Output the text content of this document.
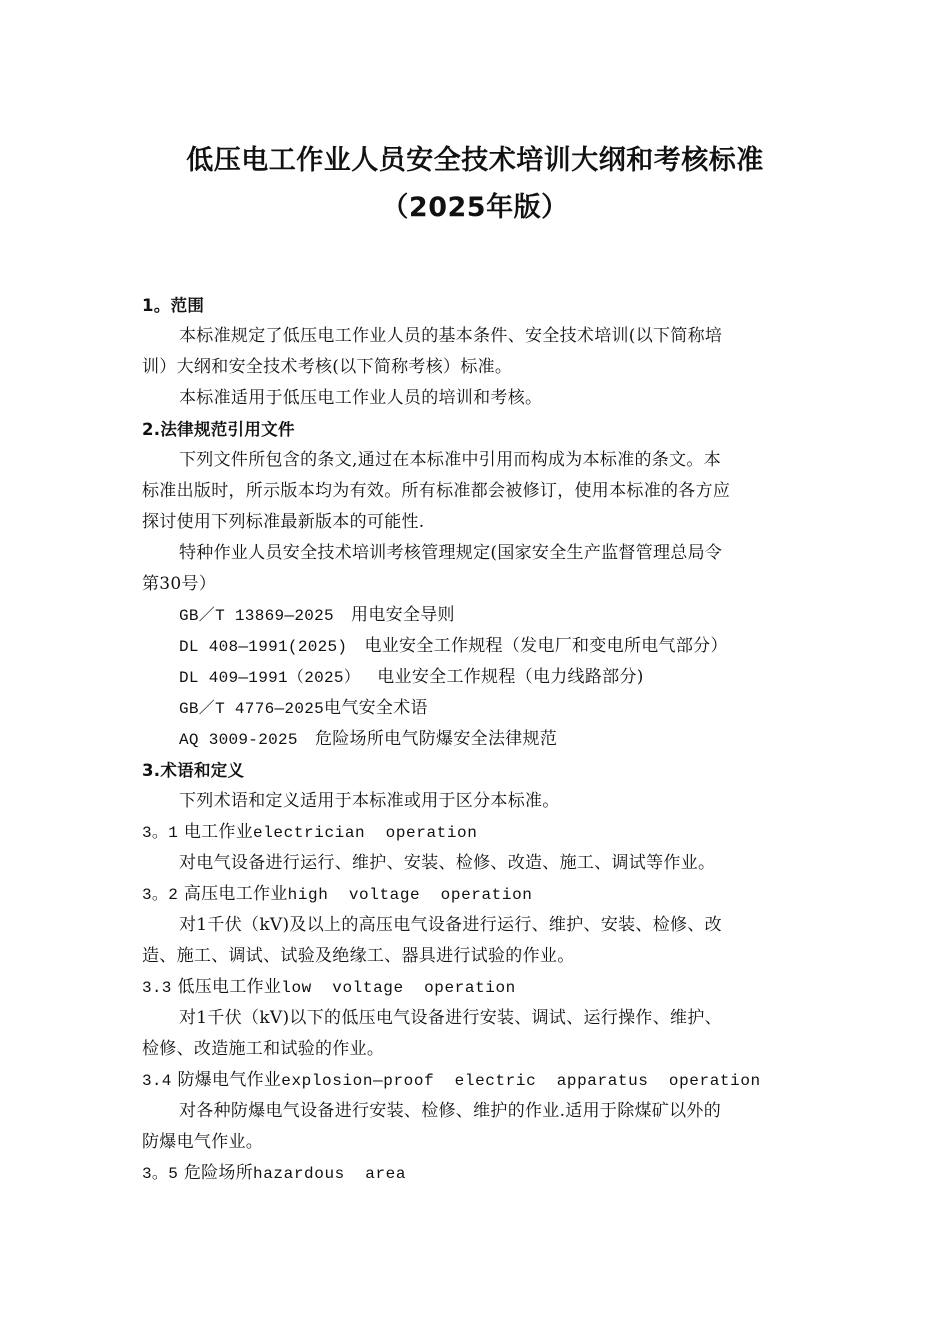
低压电工作业人员安全技术培训大纲和考核标准
（2025年版）
1。范围
本标准规定了低压电工作业人员的基本条件、安全技术培训(以下简称培
训）大纲和安全技术考核(以下简称考核）标准。
本标准适用于低压电工作业人员的培训和考核。
2.法律规范引用文件
下列文件所包含的条文,通过在本标准中引用而构成为本标准的条文。本
标准出版时，所示版本均为有效。所有标准都会被修订，使用本标准的各方应
探讨使用下列标准最新版本的可能性.
特种作业人员安全技术培训考核管理规定(国家安全生产监督管理总局令
第30号）
GB／T 13869—2025 用电安全导则
DL 408—1991(2025) 电业安全工作规程（发电厂和变电所电气部分）
DL 409—1991（2025） 电业安全工作规程（电力线路部分)
GB／T 4776—2025电气安全术语
AQ 3009-2025 危险场所电气防爆安全法律规范
3.术语和定义
下列术语和定义适用于本标准或用于区分本标准。
3。1 电工作业electrician  operation
对电气设备进行运行、维护、安装、检修、改造、施工、调试等作业。
3。2 高压电工作业high  voltage  operation
对1千伏（kV)及以上的高压电气设备进行运行、维护、安装、检修、改
造、施工、调试、试验及绝缘工、器具进行试验的作业。
3.3 低压电工作业low  voltage  operation
对1千伏（kV)以下的低压电气设备进行安装、调试、运行操作、维护、
检修、改造施工和试验的作业。
3.4 防爆电气作业explosion—proof  electric  apparatus  operation
对各种防爆电气设备进行安装、检修、维护的作业.适用于除煤矿以外的
防爆电气作业。
3。5 危险场所hazardous  area
